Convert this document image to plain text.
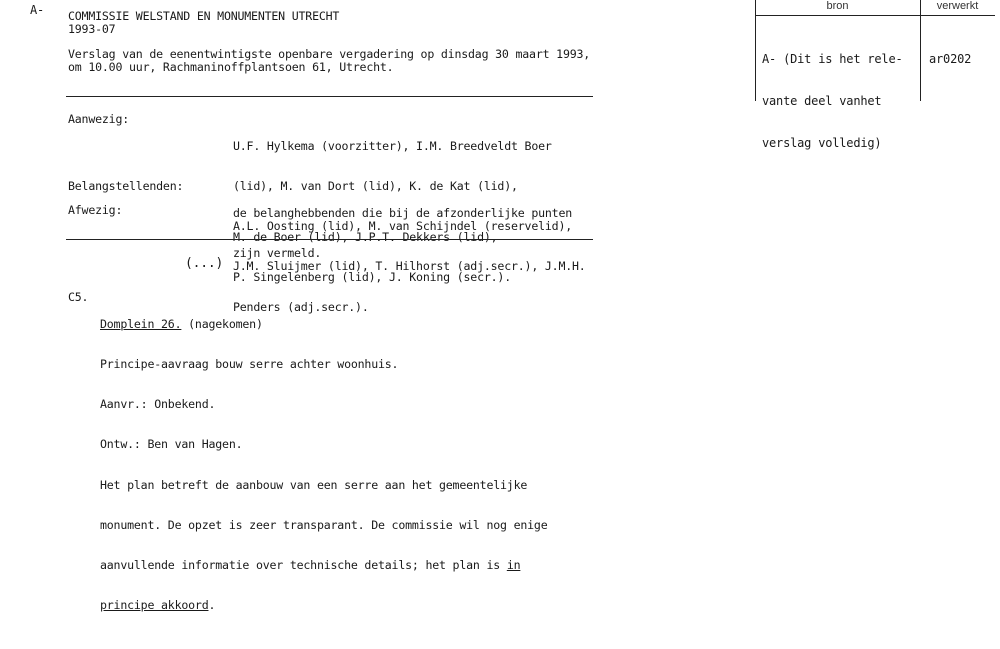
A- COMMISSIE WELSTAND EN MONUMENTEN UTRECHT
1993-07
Verslag van de eenentwintigste openbare vergadering op dinsdag 30 maart 1993,
om 10.00 uur, Rachmaninoffplantsoen 61, Utrecht.
Aanwezig:

U.F. Hylkema (voorzitter), I.M. Breedveldt Boer

(lid), M. van Dort (lid), K. de Kat (lid),

A.L. Oosting (lid), M. van Schijndel (reservelid),

J.M. Sluijmer (lid), T. Hilhorst (adj.secr.), J.M.H.

Penders (adj.secr.).

Belangstellenden:

de belanghebbenden die bij de afzonderlijke punten

zijn vermeld.

Afwezig:

M. de Boer (lid), J.P.T. Dekkers (lid),

P. Singelenberg (lid), J. Koning (secr.).

(...)
C5.

Domplein 26. (nagekomen)

Principe-aavraag bouw serre achter woonhuis.

Aanvr.: Onbekend.

Ontw.: Ben van Hagen.

Het plan betreft de aanbouw van een serre aan het gemeentelijke

monument. De opzet is zeer transparant. De commissie wil nog enige

aanvullende informatie over technische details; het plan is in

principe akkoord.

bron	verwerkt

A- (Dit is het rele-

vante deel vanhet

verslag volledig)

ar0202
